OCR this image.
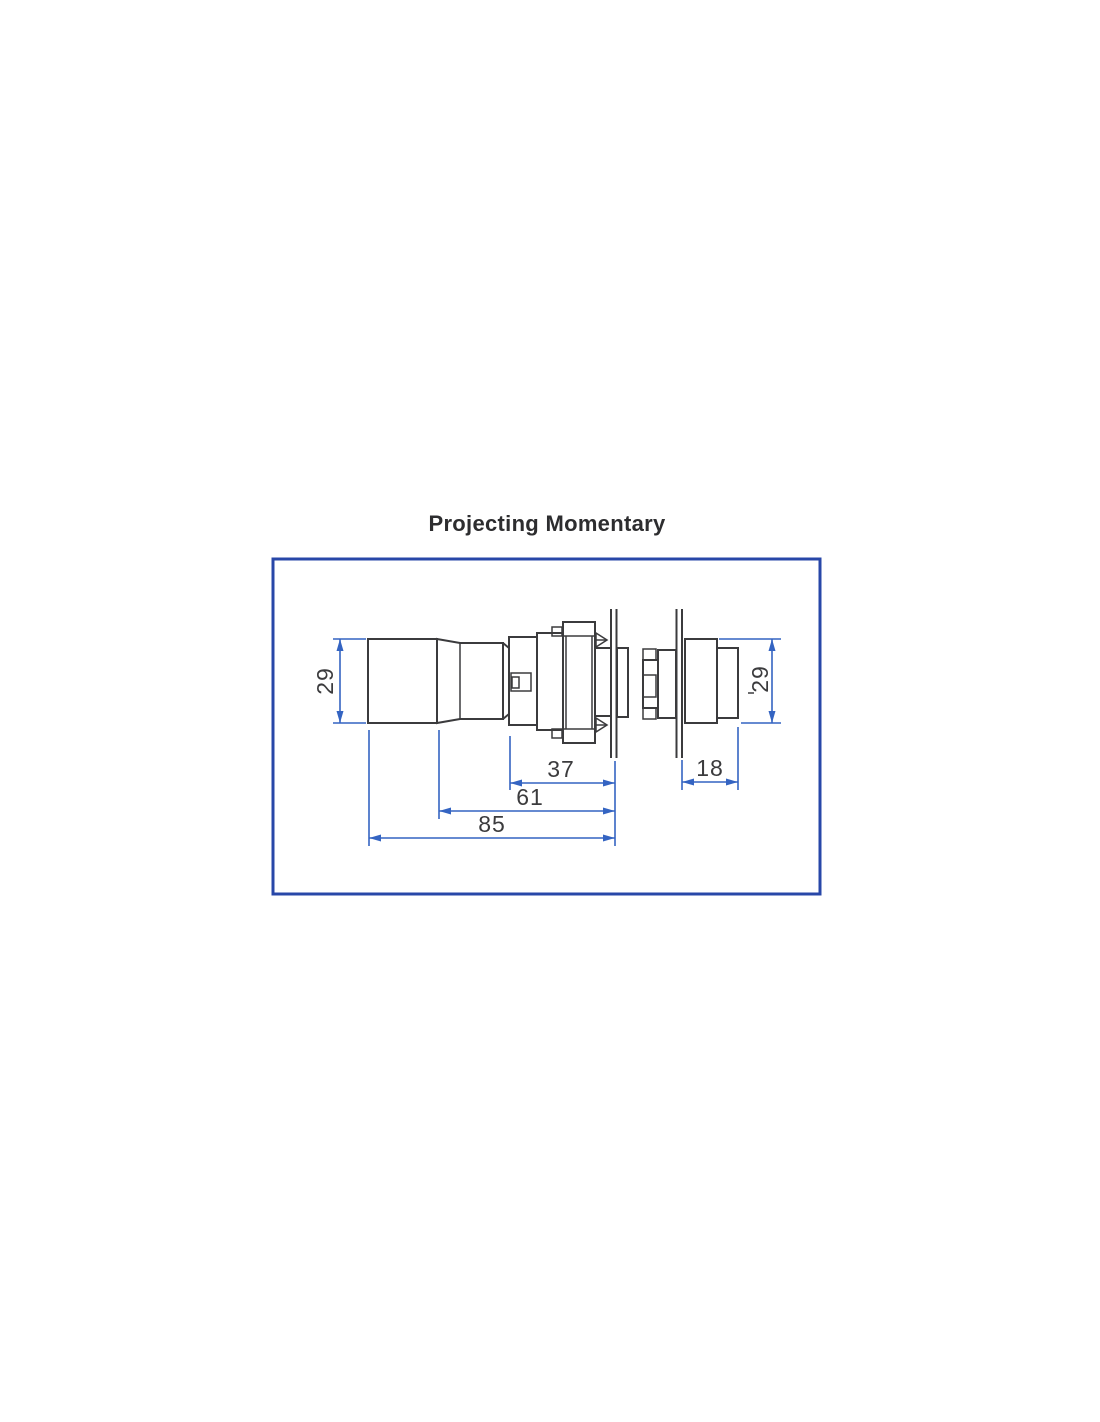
Projecting Momentary
29
37
61
85
18
29
